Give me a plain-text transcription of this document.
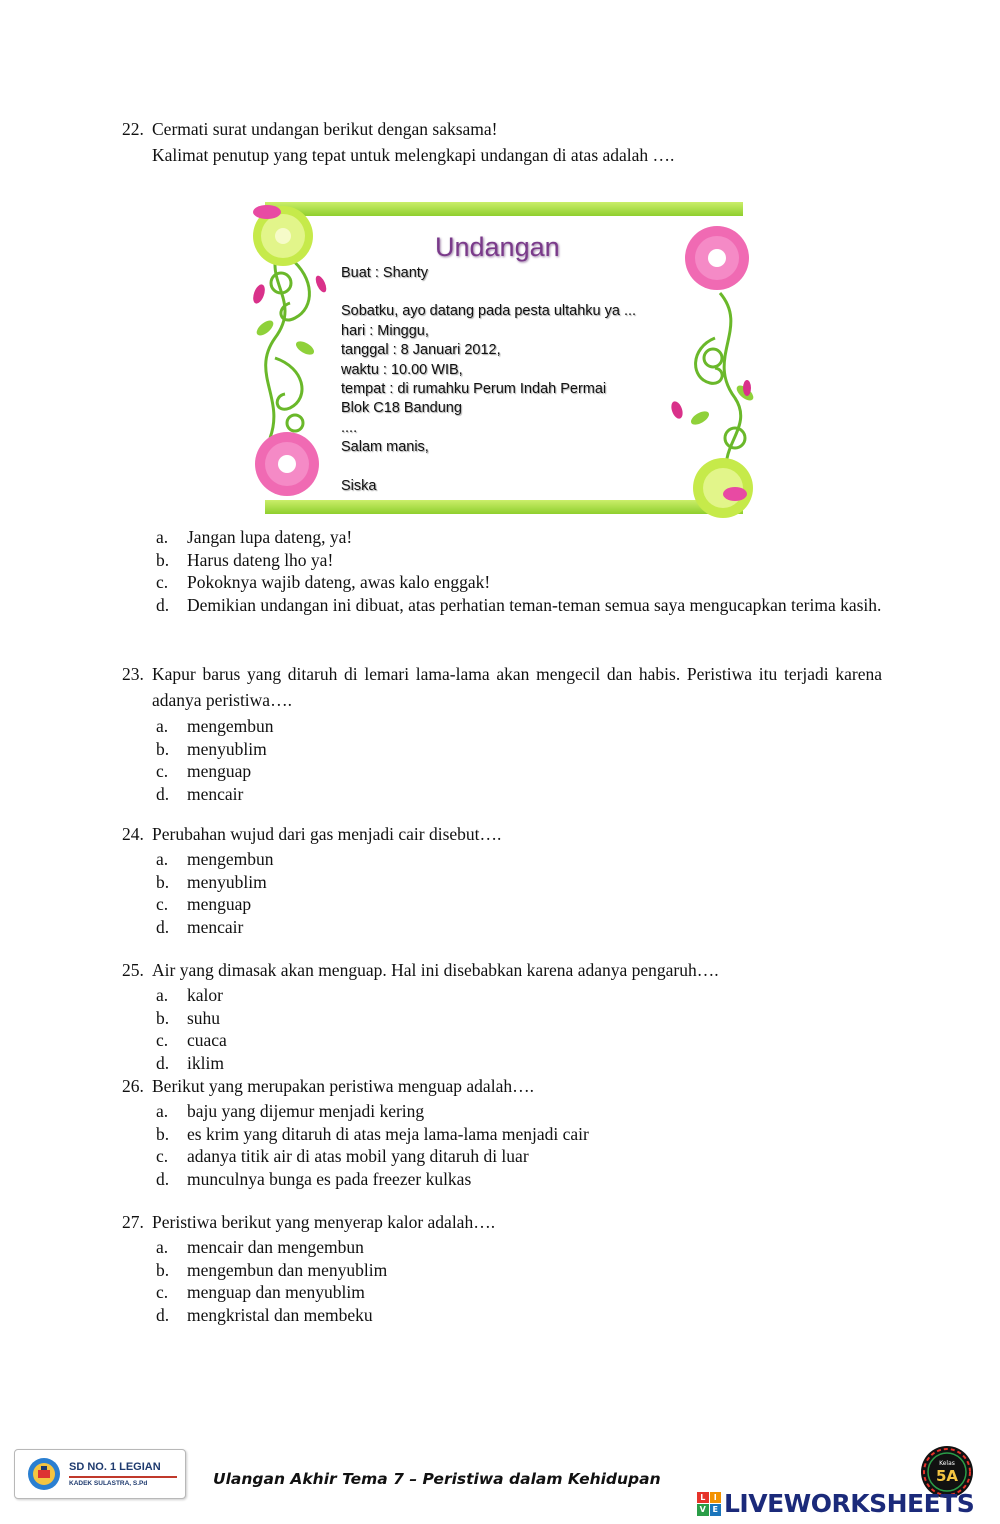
22. Cermati surat undangan berikut dengan saksama!
Kalimat penutup yang tepat untuk melengkapi undangan di atas adalah ….
Undangan
Buat : Shanty
Sobatku, ayo datang pada pesta ultahku ya ...
hari : Minggu,
tanggal : 8 Januari 2012,
waktu : 10.00 WIB,
tempat : di rumahku Perum Indah Permai
Blok C18 Bandung
....
Salam manis,
Siska
a.	Jangan lupa dateng, ya!
b.	Harus dateng lho ya!
c.	Pokoknya wajib dateng, awas kalo enggak!
d.	Demikian undangan ini dibuat, atas perhatian teman-teman semua saya mengucapkan terima kasih.
23. Kapur barus yang ditaruh di lemari lama-lama akan mengecil dan habis. Peristiwa itu terjadi karena adanya peristiwa….
a.	mengembun
b.	menyublim
c.	menguap
d.	mencair
24. Perubahan wujud dari gas menjadi cair disebut….
a.	mengembun
b.	menyublim
c.	menguap
d.	mencair
25. Air yang dimasak akan menguap. Hal ini disebabkan karena adanya pengaruh….
a.	kalor
b.	suhu
c.	cuaca
d.	iklim
26. Berikut yang merupakan peristiwa menguap adalah….
a.	baju yang dijemur menjadi kering
b.	es krim yang ditaruh di atas meja lama-lama menjadi cair
c.	adanya titik air di atas mobil yang ditaruh di luar
d.	munculnya bunga es pada freezer kulkas
27. Peristiwa berikut yang menyerap kalor adalah….
a.	mencair dan mengembun
b.	mengembun dan menyublim
c.	menguap dan menyublim
d.	mengkristal dan membeku
SD NO. 1 LEGIAN
KADEK SULASTRA, S.Pd	Ulangan Akhir Tema 7 – Peristiwa dalam Kehidupan
Kelas
5A
L	I
V E LIVEWORKSHEETS
